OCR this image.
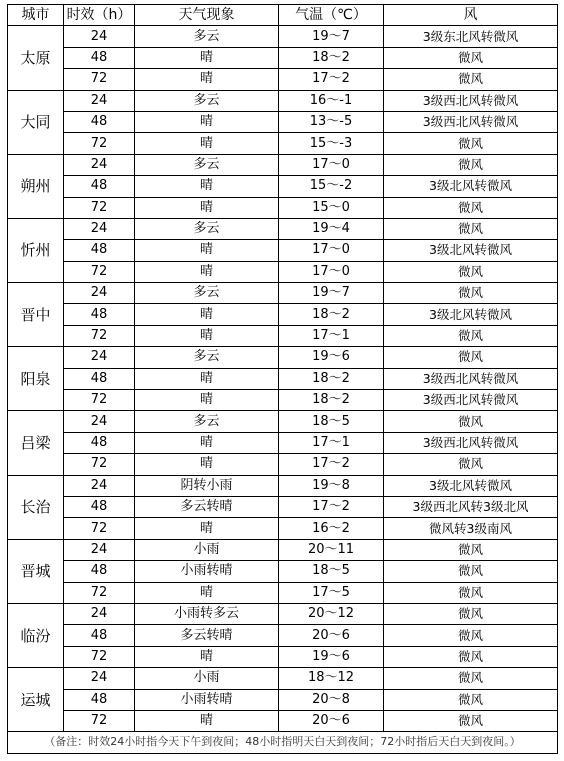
城市	时效（h）	天气现象	气温（℃）	风
太原	24	多云	19～7	3级东北风转微风
	48	晴	18～2	微风
	72	晴	17～2	微风
大同	24	多云	16～-1	3级西北风转微风
	48	晴	13～-5	3级西北风转微风
	72	晴	15～-3	微风
朔州	24	多云	17～0	微风
	48	晴	15～-2	3级北风转微风
	72	晴	15～0	微风
忻州	24	多云	19～4	微风
	48	晴	17～0	3级北风转微风
	72	晴	17～0	微风
晋中	24	多云	19～7	微风
	48	晴	18～2	3级北风转微风
	72	晴	17～1	微风
阳泉	24	多云	19～6	微风
	48	晴	18～2	3级西北风转微风
	72	晴	18～2	3级西北风转微风
吕梁	24	多云	18～5	微风
	48	晴	17～1	3级西北风转微风
	72	晴	17～2	微风
长治	24	阴转小雨	19～8	3级北风转微风
	48	多云转晴	17～2	3级西北风转3级北风
	72	晴	16～2	微风转3级南风
晋城	24	小雨	20～11	微风
	48	小雨转晴	18～5	微风
	72	晴	17～5	微风
临汾	24	小雨转多云	20～12	微风
	48	多云转晴	20～6	微风
	72	晴	19～6	微风
运城	24	小雨	18～12	微风
	48	小雨转晴	20～8	微风
	72	晴	20～6	微风
（备注：时效24小时指今天下午到夜间；48小时指明天白天到夜间；72小时指后天白天到夜间。）				
